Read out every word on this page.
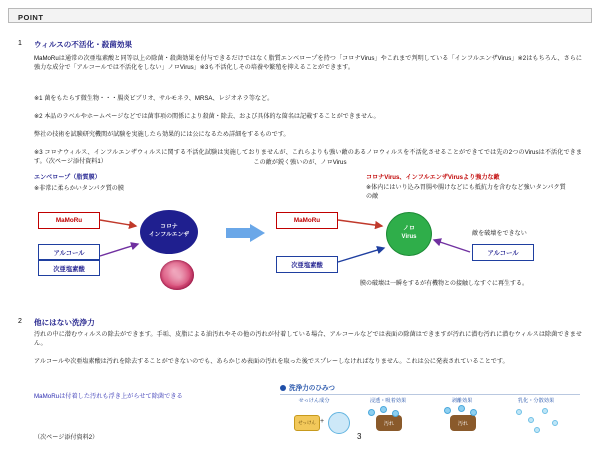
POINT
1 ウィルスの不活化・殺菌効果
MaMoRuは通常の次亜塩素酸と同等以上の除菌・殺菌効果を付与できるだけではなく脂質エンベロープを持つ「コロナVirus」やこれまで判明している「インフルエンザVirus」※2はもちろん、さらに強力な成分で「アルコールでは不活化をしない」ノロVirus」※3も不活化しその培養や繁殖を抑えることができます。
※1 菌をもたらす微生物・・・腸炎ビブリオ、サルモネラ、MRSA、レジオネラ等など。
※2 本品のラベルやホームページなどでは菌事項の関係により殺菌・除去、および具体的な箇名は記載することができません。
弊社の技術を試験研究機関が試験を実施したら効果的には公になるため詳細をするものです。
※3 コロナウィルス、インフルエンザウィルスに関する不活化試験は実施しておりませんが、これらよりも強い敵のあるノロウィルスを不活化させることができてでは先の2つのVirusは不活化できます。（次ページ添付資料1）	この敵が鋭く強いのが、ノロVirus
エンベロープ（脂質膜）
※非常に柔らかいタンパク質の膜
コロナVirus、インフルエンザVirusより強力な敵
※体内にはいり込み胃腸や腸けなどにも抵抗力を含むなど強いタンパク質の敵
MaMoRu
アルコール
次亜塩素酸
コロナ
インフルエンザ
MaMoRu
次亜塩素酸
アルコール
ノロ
Virus
膜の破壊は一瞬をするが有機物との接触しなすぐに再生する。
敵を破壊をできない
2 他にはない洗浄力
汚れの中に潜むウィルスの除去ができます。手垢、皮脂による油汚れやその他の汚れが付着している場合、アルコールなどでは表面の除菌はできますが汚れに潜む汚れに潜むウィルスは除菌できません。
アルコールや次亜塩素酸は汚れを除去することができないのでも、あらかじめ表面の汚れを取った後でスプレーしなければなりません。これは公に発表されていることです。
MaMoRuは付着した汚れも浮き上がらせて除菌できる
（次ページ添付資料2）
洗浄力のひみつ
せっけん成分	浸透・吸着効果	剥離効果	乳化・分散効果
せっけん +	汚れ	汚れ
3
